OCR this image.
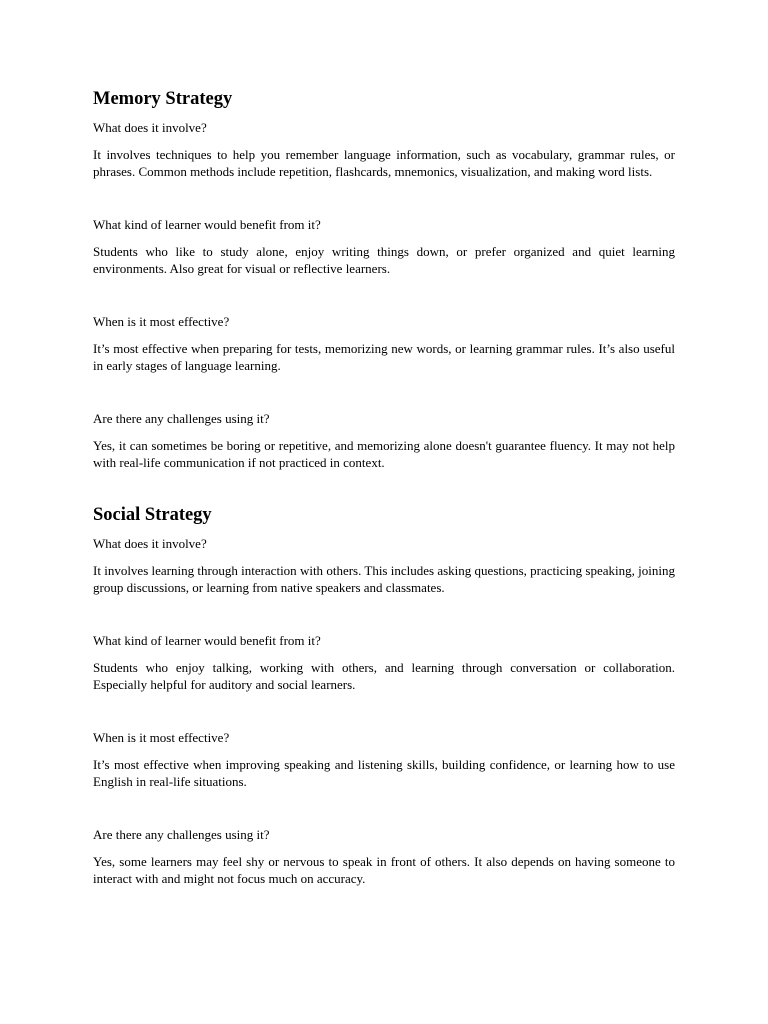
Memory Strategy

What does it involve?

It involves techniques to help you remember language information, such as vocabulary, grammar rules, or phrases. Common methods include repetition, flashcards, mnemonics, visualization, and making word lists.

What kind of learner would benefit from it?

Students who like to study alone, enjoy writing things down, or prefer organized and quiet learning environments. Also great for visual or reflective learners.

When is it most effective?

It’s most effective when preparing for tests, memorizing new words, or learning grammar rules. It’s also useful in early stages of language learning.

Are there any challenges using it?

Yes, it can sometimes be boring or repetitive, and memorizing alone doesn't guarantee fluency. It may not help with real-life communication if not practiced in context.

Social Strategy

What does it involve?

It involves learning through interaction with others. This includes asking questions, practicing speaking, joining group discussions, or learning from native speakers and classmates.

What kind of learner would benefit from it?

Students who enjoy talking, working with others, and learning through conversation or collaboration. Especially helpful for auditory and social learners.

When is it most effective?

It’s most effective when improving speaking and listening skills, building confidence, or learning how to use English in real-life situations.

Are there any challenges using it?

Yes, some learners may feel shy or nervous to speak in front of others. It also depends on having someone to interact with and might not focus much on accuracy.
